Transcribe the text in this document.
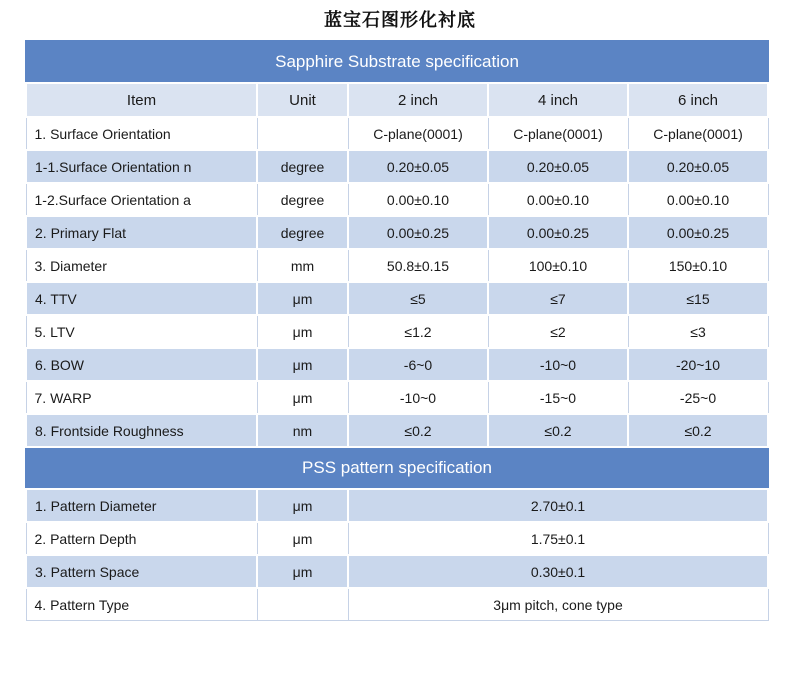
蓝宝石图形化衬底
Sapphire Substrate specification				
Item	Unit	2 inch	4 inch	6 inch
1. Surface Orientation		C-plane(0001)	C-plane(0001)	C-plane(0001)
1-1.Surface Orientation n	degree	0.20±0.05	0.20±0.05	0.20±0.05
1-2.Surface Orientation a	degree	0.00±0.10	0.00±0.10	0.00±0.10
2. Primary Flat	degree	0.00±0.25	0.00±0.25	0.00±0.25
3. Diameter	mm	50.8±0.15	100±0.10	150±0.10
4. TTV	μm	≤5	≤7	≤15
5. LTV	μm	≤1.2	≤2	≤3
6. BOW	μm	-6~0	-10~0	-20~10
7. WARP	μm	-10~0	-15~0	-25~0
8. Frontside Roughness	nm	≤0.2	≤0.2	≤0.2
PSS pattern specification				
1. Pattern Diameter	μm	2.70±0.1		
2. Pattern Depth	μm	1.75±0.1		
3. Pattern Space	μm	0.30±0.1		
4. Pattern Type		3μm pitch, cone type		
